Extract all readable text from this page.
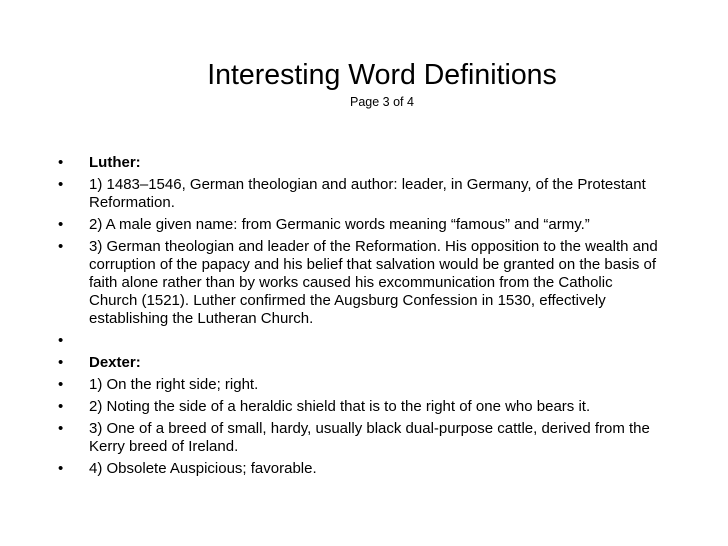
Interesting Word Definitions
Page 3 of 4
• Luther:
• 1) 1483–1546, German theologian and author: leader, in Germany, of the Protestant Reformation.
• 2) A male given name: from Germanic words meaning “famous” and “army.”
• 3) German theologian and leader of the Reformation. His opposition to the wealth and corruption of the papacy and his belief that salvation would be granted on the basis of faith alone rather than by works caused his excommunication from the Catholic Church (1521). Luther confirmed the Augsburg Confession in 1530, effectively establishing the Lutheran Church.
•
• Dexter:
• 1) On the right side; right.
• 2) Noting the side of a heraldic shield that is to the right of one who bears it.
• 3) One of a breed of small, hardy, usually black dual-purpose cattle, derived from the Kerry breed of Ireland.
• 4) Obsolete Auspicious; favorable.
